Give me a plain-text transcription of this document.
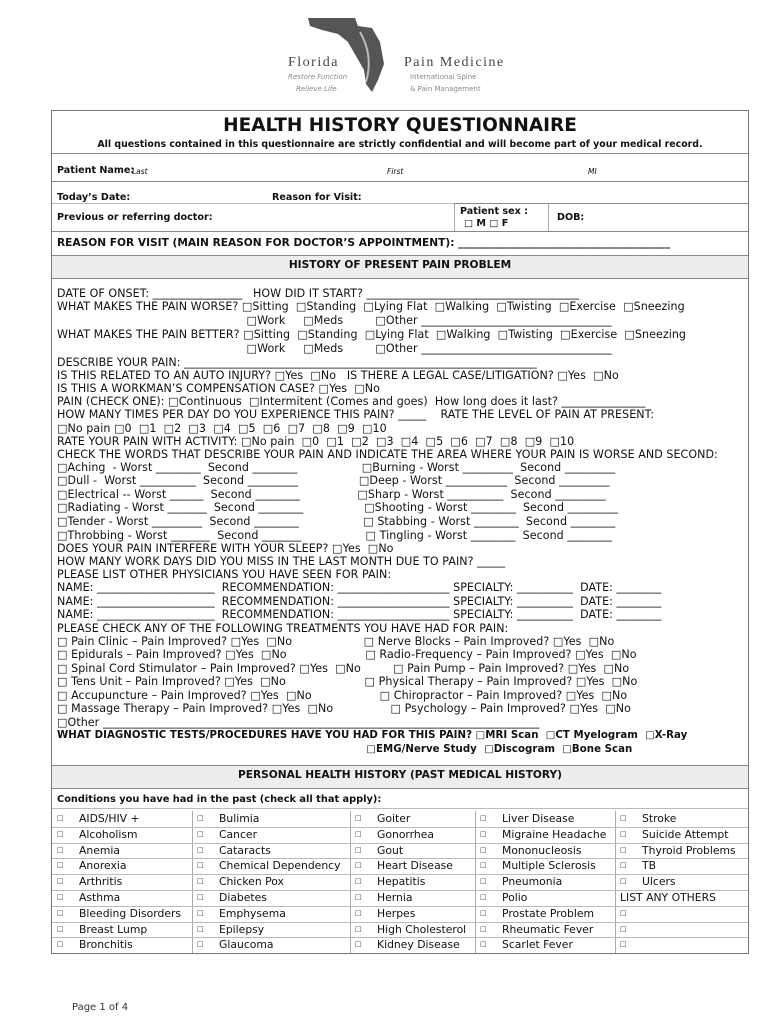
Florida	Pain Medicine
Restore Function
Relieve Life
International Spine
& Pain Management
HEALTH HISTORY QUESTIONNAIRE
All questions contained in this questionnaire are strictly confidential and will become part of your medical record.
Patient Name:
Last	First	MI
Today’s Date:	Reason for Visit:
Previous or referring doctor:
Patient sex :
□ M □ F
DOB:
REASON FOR VISIT (MAIN REASON FOR DOCTOR’S APPOINTMENT): ________________________________________
HISTORY OF PRESENT PAIN PROBLEM
DATE OF ONSET: ________________   HOW DID IT START? ______________________________________
WHAT MAKES THE PAIN WORSE? □Sitting  □Standing  □Lying Flat  □Walking  □Twisting  □Exercise  □Sneezing
□Work     □Meds         □Other __________________________________
WHAT MAKES THE PAIN BETTER? □Sitting  □Standing  □Lying Flat  □Walking  □Twisting  □Exercise  □Sneezing
□Work     □Meds         □Other __________________________________
DESCRIBE YOUR PAIN: _______________________________________________________________
IS THIS RELATED TO AN AUTO INJURY? □Yes  □No   IS THERE A LEGAL CASE/LITIGATION? □Yes  □No
IS THIS A WORKMAN’S COMPENSATION CASE? □Yes  □No
PAIN (CHECK ONE): □Continuous  □Intermitent (Comes and goes)  How long does it last? _______________
HOW MANY TIMES PER DAY DO YOU EXPERIENCE THIS PAIN? _____    RATE THE LEVEL OF PAIN AT PRESENT:
□No pain □0  □1  □2  □3  □4  □5  □6  □7  □8  □9  □10
RATE YOUR PAIN WITH ACTIVITY: □No pain  □0  □1  □2  □3  □4  □5  □6  □7  □8  □9  □10
CHECK THE WORDS THAT DESCRIBE YOUR PAIN AND INDICATE THE AREA WHERE YOUR PAIN IS WORSE AND SECOND:
□Aching  - Worst ________  Second ________                  □Burning - Worst _________  Second _________
□Dull -  Worst __________  Second _________                 □Deep - Worst ___________  Second _________
□Electrical -- Worst ______  Second ________                □Sharp - Worst __________  Second _________
□Radiating - Worst _______  Second ________                 □Shooting - Worst ________  Second _________
□Tender - Worst _________  Second ________                  □ Stabbing - Worst ________  Second ________
□Throbbing - Worst _______  Second _______                  □ Tingling - Worst ________  Second ________
DOES YOUR PAIN INTERFERE WITH YOUR SLEEP? □Yes  □No
HOW MANY WORK DAYS DID YOU MISS IN THE LAST MONTH DUE TO PAIN? _____
PLEASE LIST OTHER PHYSICIANS YOU HAVE SEEN FOR PAIN:
NAME: _____________________  RECOMMENDATION: ____________________ SPECIALTY: __________  DATE: ________
NAME: _____________________  RECOMMENDATION: ____________________ SPECIALTY: __________  DATE: ________
NAME: _____________________  RECOMMENDATION: ____________________ SPECIALTY: __________  DATE: ________
PLEASE CHECK ANY OF THE FOLLOWING TREATMENTS YOU HAVE HAD FOR PAIN:
□ Pain Clinic – Pain Improved? □Yes  □No                    □ Nerve Blocks – Pain Improved? □Yes  □No
□ Epidurals – Pain Improved? □Yes  □No                      □ Radio-Frequency – Pain Improved? □Yes  □No
□ Spinal Cord Stimulator – Pain Improved? □Yes  □No         □ Pain Pump – Pain Improved? □Yes  □No
□ Tens Unit – Pain Improved? □Yes  □No                      □ Physical Therapy – Pain Improved? □Yes  □No
□ Accupuncture – Pain Improved? □Yes  □No                   □ Chiropractor – Pain Improved? □Yes  □No
□ Massage Therapy – Pain Improved? □Yes  □No                □ Psychology – Pain Improved? □Yes  □No
□Other ______________________________________________________________________________
WHAT DIAGNOSTIC TESTS/PROCEDURES HAVE YOU HAD FOR THIS PAIN? □MRI Scan  □CT Myelogram  □X-Ray
□EMG/Nerve Study  □Discogram  □Bone Scan
PERSONAL HEALTH HISTORY (PAST MEDICAL HISTORY)
Conditions you have had in the past (check all that apply):
□ AIDS/HIV +	□ Bulimia	□ Goiter	□ Liver Disease	□ Stroke
□ Alcoholism	□ Cancer	□ Gonorrhea	□ Migraine Headache □ Suicide Attempt
□ Anemia	□ Cataracts	□ Gout	□ Mononucleosis	□ Thyroid Problems
□ Anorexia	□ Chemical Dependency □ Heart Disease	□ Multiple Sclerosis	□ TB
□ Arthritis	□ Chicken Pox	□ Hepatitis	□ Pneumonia	□ Ulcers
□ Asthma	□ Diabetes	□ Hernia	□ Polio	LIST ANY OTHERS
□ Bleeding Disorders □ Emphysema	□ Herpes	□ Prostate Problem	□
□ Breast Lump	□ Epilepsy	□ High Cholesterol □ Rheumatic Fever	□
□ Bronchitis	□ Glaucoma	□ Kidney Disease	□ Scarlet Fever	□
Page 1 of 4
